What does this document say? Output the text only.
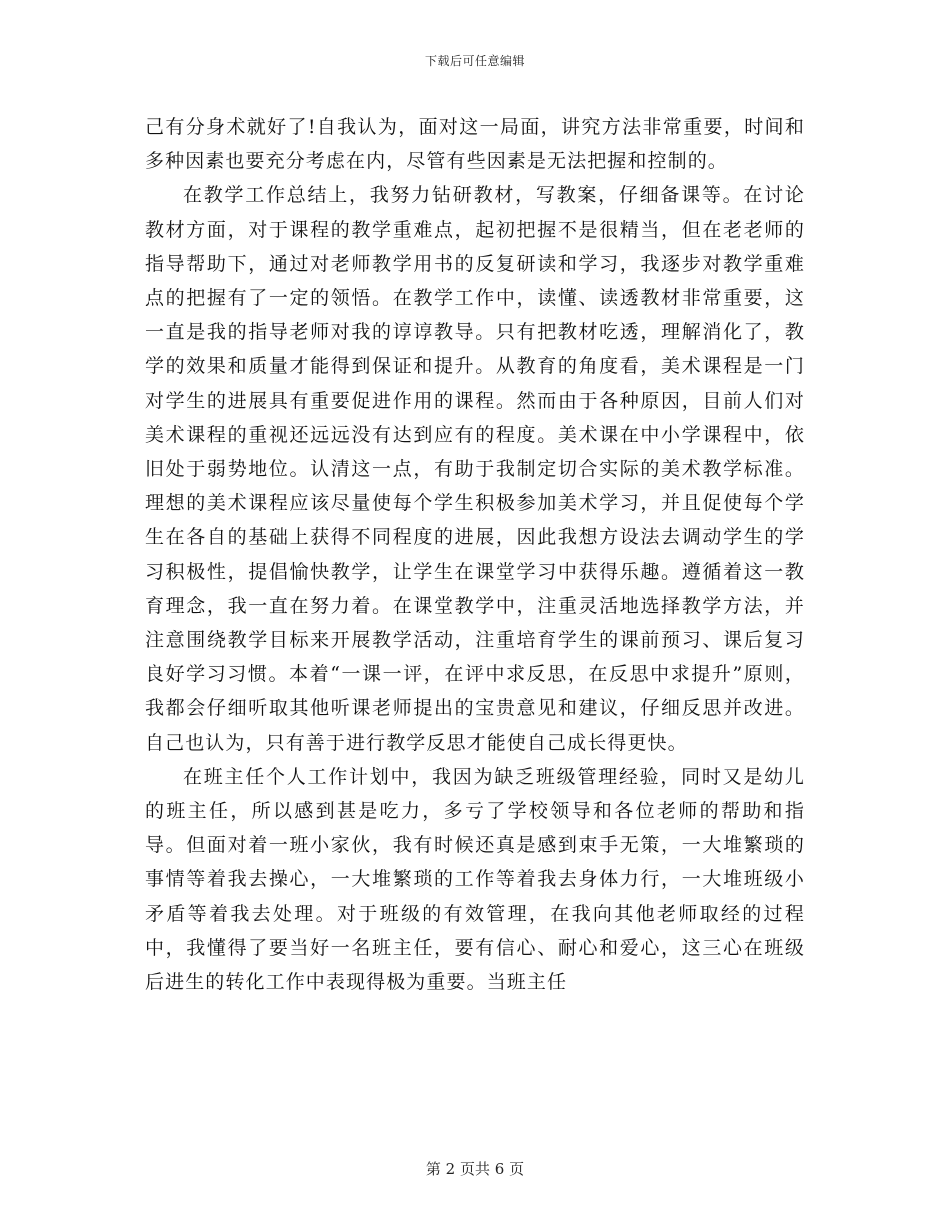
下载后可任意编辑

己有分身术就好了!自我认为，面对这一局面，讲究方法非常重要，时间和多种因素也要充分考虑在内，尽管有些因素是无法把握和控制的。

在教学工作总结上，我努力钻研教材，写教案，仔细备课等。在讨论教材方面，对于课程的教学重难点，起初把握不是很精当，但在老老师的指导帮助下，通过对老师教学用书的反复研读和学习，我逐步对教学重难点的把握有了一定的领悟。在教学工作中，读懂、读透教材非常重要，这一直是我的指导老师对我的谆谆教导。只有把教材吃透，理解消化了，教学的效果和质量才能得到保证和提升。从教育的角度看，美术课程是一门对学生的进展具有重要促进作用的课程。然而由于各种原因，目前人们对美术课程的重视还远远没有达到应有的程度。美术课在中小学课程中，依旧处于弱势地位。认清这一点，有助于我制定切合实际的美术教学标准。理想的美术课程应该尽量使每个学生积极参加美术学习，并且促使每个学生在各自的基础上获得不同程度的进展，因此我想方设法去调动学生的学习积极性，提倡愉快教学，让学生在课堂学习中获得乐趣。遵循着这一教育理念，我一直在努力着。在课堂教学中，注重灵活地选择教学方法，并注意围绕教学目标来开展教学活动，注重培育学生的课前预习、课后复习良好学习习惯。本着“一课一评，在评中求反思，在反思中求提升”原则，我都会仔细听取其他听课老师提出的宝贵意见和建议，仔细反思并改进。自己也认为，只有善于进行教学反思才能使自己成长得更快。

在班主任个人工作计划中，我因为缺乏班级管理经验，同时又是幼儿的班主任，所以感到甚是吃力，多亏了学校领导和各位老师的帮助和指导。但面对着一班小家伙，我有时候还真是感到束手无策，一大堆繁琐的事情等着我去操心，一大堆繁琐的工作等着我去身体力行，一大堆班级小矛盾等着我去处理。对于班级的有效管理，在我向其他老师取经的过程中，我懂得了要当好一名班主任，要有信心、耐心和爱心，这三心在班级后进生的转化工作中表现得极为重要。当班主任

第 2 页共 6 页
